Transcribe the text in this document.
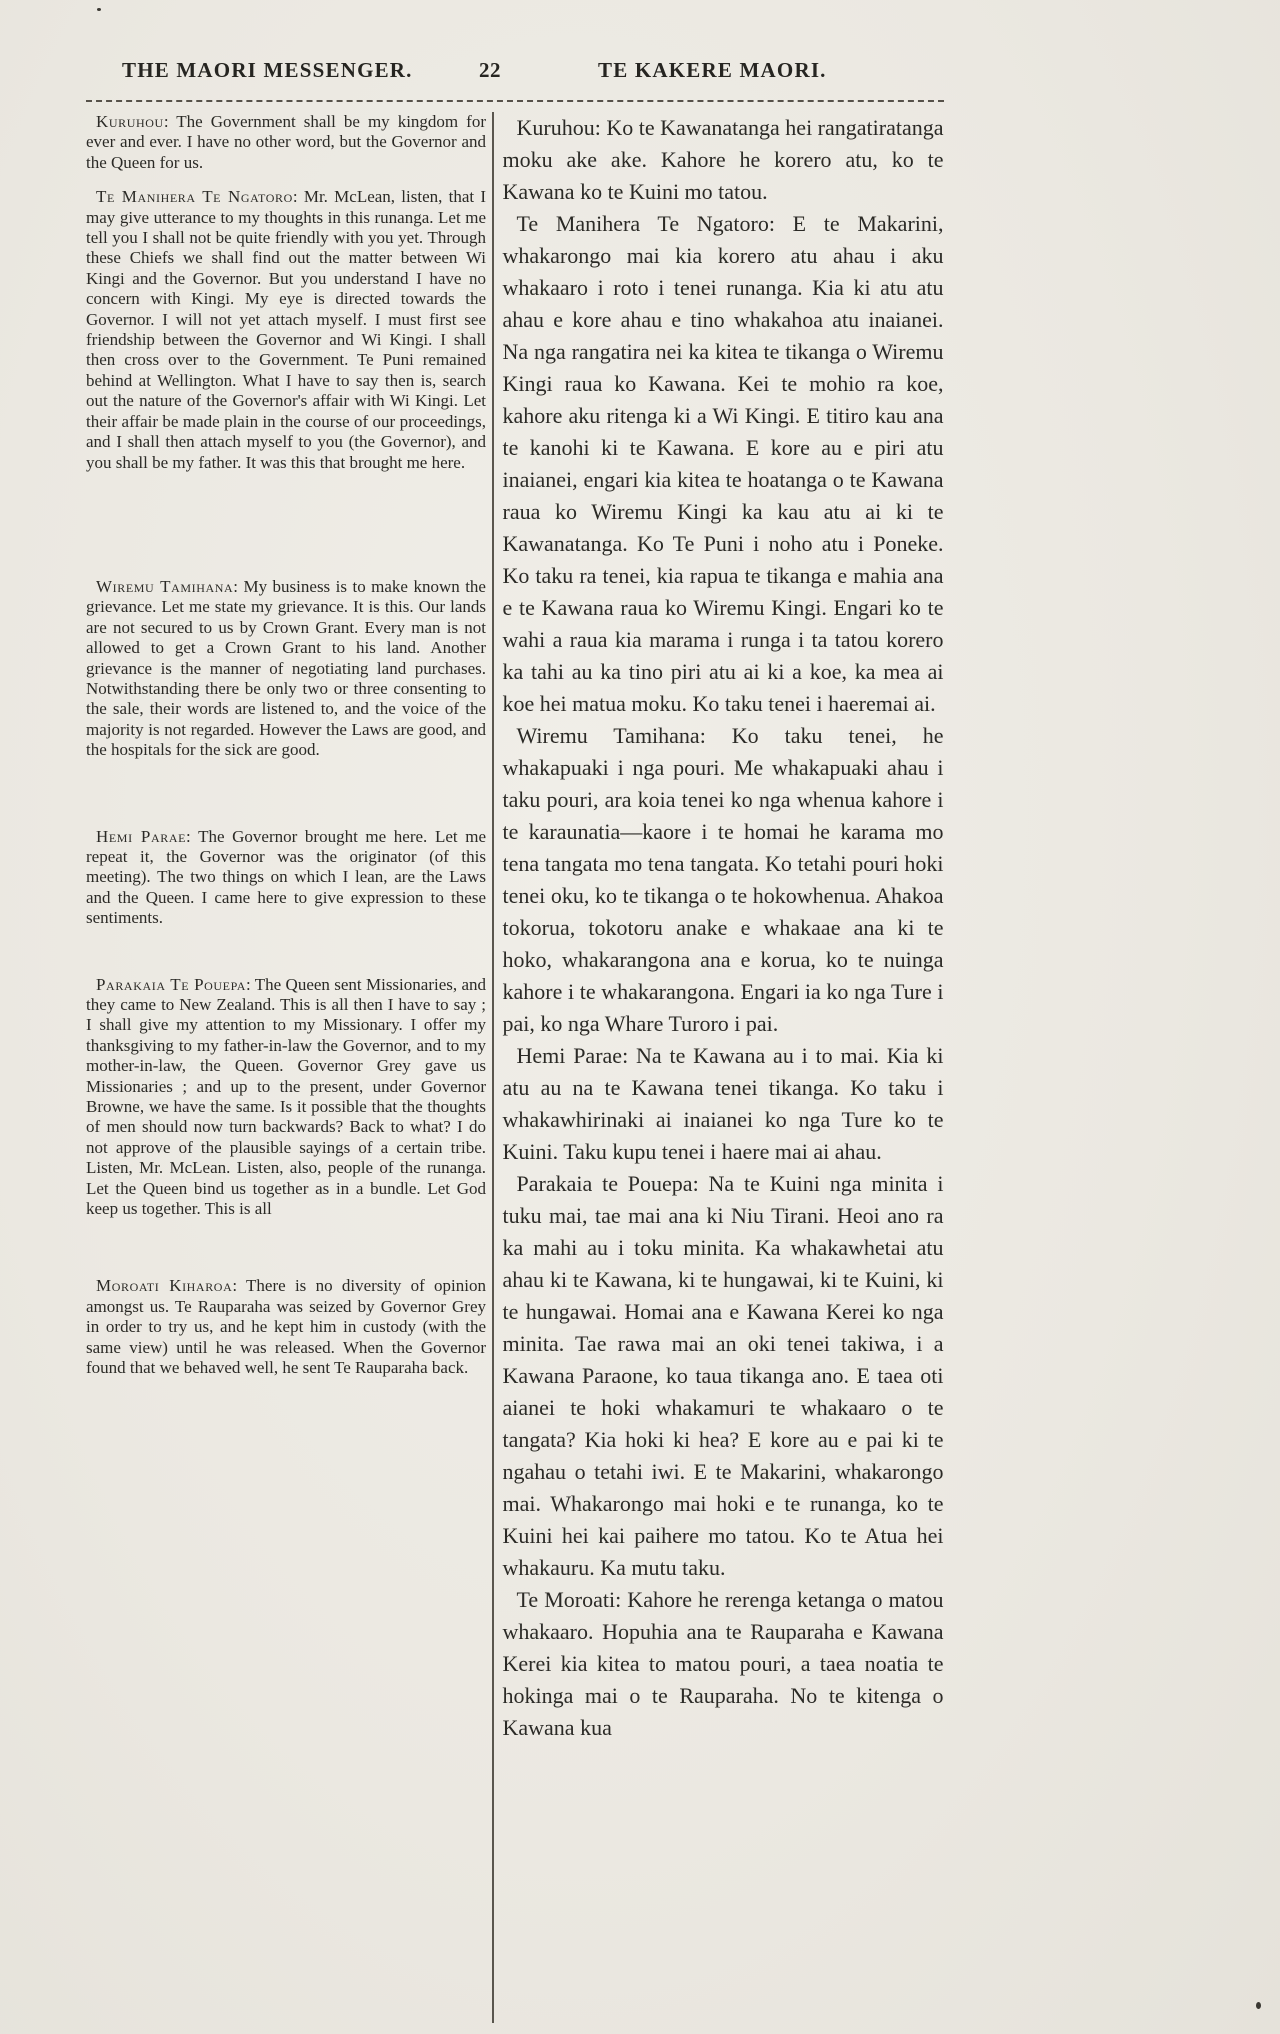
THE MAORI MESSENGER.	22	TE KAKERE MAORI.

Kuruhou: The Government shall be my kingdom for ever and ever. I have no other word, but the Governor and the Queen for us.

Te Manihera Te Ngatoro: Mr. McLean, listen, that I may give utterance to my thoughts in this runanga. Let me tell you I shall not be quite friendly with you yet. Through these Chiefs we shall find out the matter between Wi Kingi and the Governor. But you understand I have no concern with Kingi. My eye is directed towards the Governor. I will not yet attach myself. I must first see friendship between the Governor and Wi Kingi. I shall then cross over to the Government. Te Puni remained behind at Wellington. What I have to say then is, search out the nature of the Governor's affair with Wi Kingi. Let their affair be made plain in the course of our proceedings, and I shall then attach myself to you (the Governor), and you shall be my father. It was this that brought me here.

Wiremu Tamihana: My business is to make known the grievance. Let me state my grievance. It is this. Our lands are not secured to us by Crown Grant. Every man is not allowed to get a Crown Grant to his land. Another grievance is the manner of negotiating land purchases. Notwithstanding there be only two or three consenting to the sale, their words are listened to, and the voice of the majority is not regarded. However the Laws are good, and the hospitals for the sick are good.

Hemi Parae: The Governor brought me here. Let me repeat it, the Governor was the originator (of this meeting). The two things on which I lean, are the Laws and the Queen. I came here to give expression to these sentiments.

Parakaia Te Pouepa: The Queen sent Missionaries, and they came to New Zealand. This is all then I have to say ; I shall give my attention to my Missionary. I offer my thanksgiving to my father-in-law the Governor, and to my mother-in-law, the Queen. Governor Grey gave us Missionaries ; and up to the present, under Governor Browne, we have the same. Is it possible that the thoughts of men should now turn backwards? Back to what? I do not approve of the plausible sayings of a certain tribe. Listen, Mr. McLean. Listen, also, people of the runanga. Let the Queen bind us together as in a bundle. Let God keep us together. This is all

Moroati Kiharoa: There is no diversity of opinion amongst us. Te Rauparaha was seized by Governor Grey in order to try us, and he kept him in custody (with the same view) until he was released. When the Governor found that we behaved well, he sent Te Rauparaha back.

Kuruhou: Ko te Kawanatanga hei rangatiratanga moku ake ake. Kahore he korero atu, ko te Kawana ko te Kuini mo tatou.

Te Manihera Te Ngatoro: E te Makarini, whakarongo mai kia korero atu ahau i aku whakaaro i roto i tenei runanga. Kia ki atu atu ahau e kore ahau e tino whakahoa atu inaianei. Na nga rangatira nei ka kitea te tikanga o Wiremu Kingi raua ko Kawana. Kei te mohio ra koe, kahore aku ritenga ki a Wi Kingi. E titiro kau ana te kanohi ki te Kawana. E kore au e piri atu inaianei, engari kia kitea te hoatanga o te Kawana raua ko Wiremu Kingi ka kau atu ai ki te Kawanatanga. Ko Te Puni i noho atu i Poneke. Ko taku ra tenei, kia rapua te tikanga e mahia ana e te Kawana raua ko Wiremu Kingi. Engari ko te wahi a raua kia marama i runga i ta tatou korero ka tahi au ka tino piri atu ai ki a koe, ka mea ai koe hei matua moku. Ko taku tenei i haeremai ai.

Wiremu Tamihana: Ko taku tenei, he whakapuaki i nga pouri. Me whakapuaki ahau i taku pouri, ara koia tenei ko nga whenua kahore i te karaunatia—kaore i te homai he karama mo tena tangata mo tena tangata. Ko tetahi pouri hoki tenei oku, ko te tikanga o te hokowhenua. Ahakoa tokorua, tokotoru anake e whakaae ana ki te hoko, whakarangona ana e korua, ko te nuinga kahore i te whakarangona. Engari ia ko nga Ture i pai, ko nga Whare Turoro i pai.

Hemi Parae: Na te Kawana au i to mai. Kia ki atu au na te Kawana tenei tikanga. Ko taku i whakawhirinaki ai inaianei ko nga Ture ko te Kuini. Taku kupu tenei i haere mai ai ahau.

Parakaia te Pouepa: Na te Kuini nga minita i tuku mai, tae mai ana ki Niu Tirani. Heoi ano ra ka mahi au i toku minita. Ka whakawhetai atu ahau ki te Kawana, ki te hungawai, ki te Kuini, ki te hungawai. Homai ana e Kawana Kerei ko nga minita. Tae rawa mai an oki tenei takiwa, i a Kawana Paraone, ko taua tikanga ano. E taea oti aianei te hoki whakamuri te whakaaro o te tangata? Kia hoki ki hea? E kore au e pai ki te ngahau o tetahi iwi. E te Makarini, whakarongo mai. Whakarongo mai hoki e te runanga, ko te Kuini hei kai paihere mo tatou. Ko te Atua hei whakauru. Ka mutu taku.

Te Moroati: Kahore he rerenga ketanga o matou whakaaro. Hopuhia ana te Rauparaha e Kawana Kerei kia kitea to matou pouri, a taea noatia te hokinga mai o te Rauparaha. No te kitenga o Kawana kua
